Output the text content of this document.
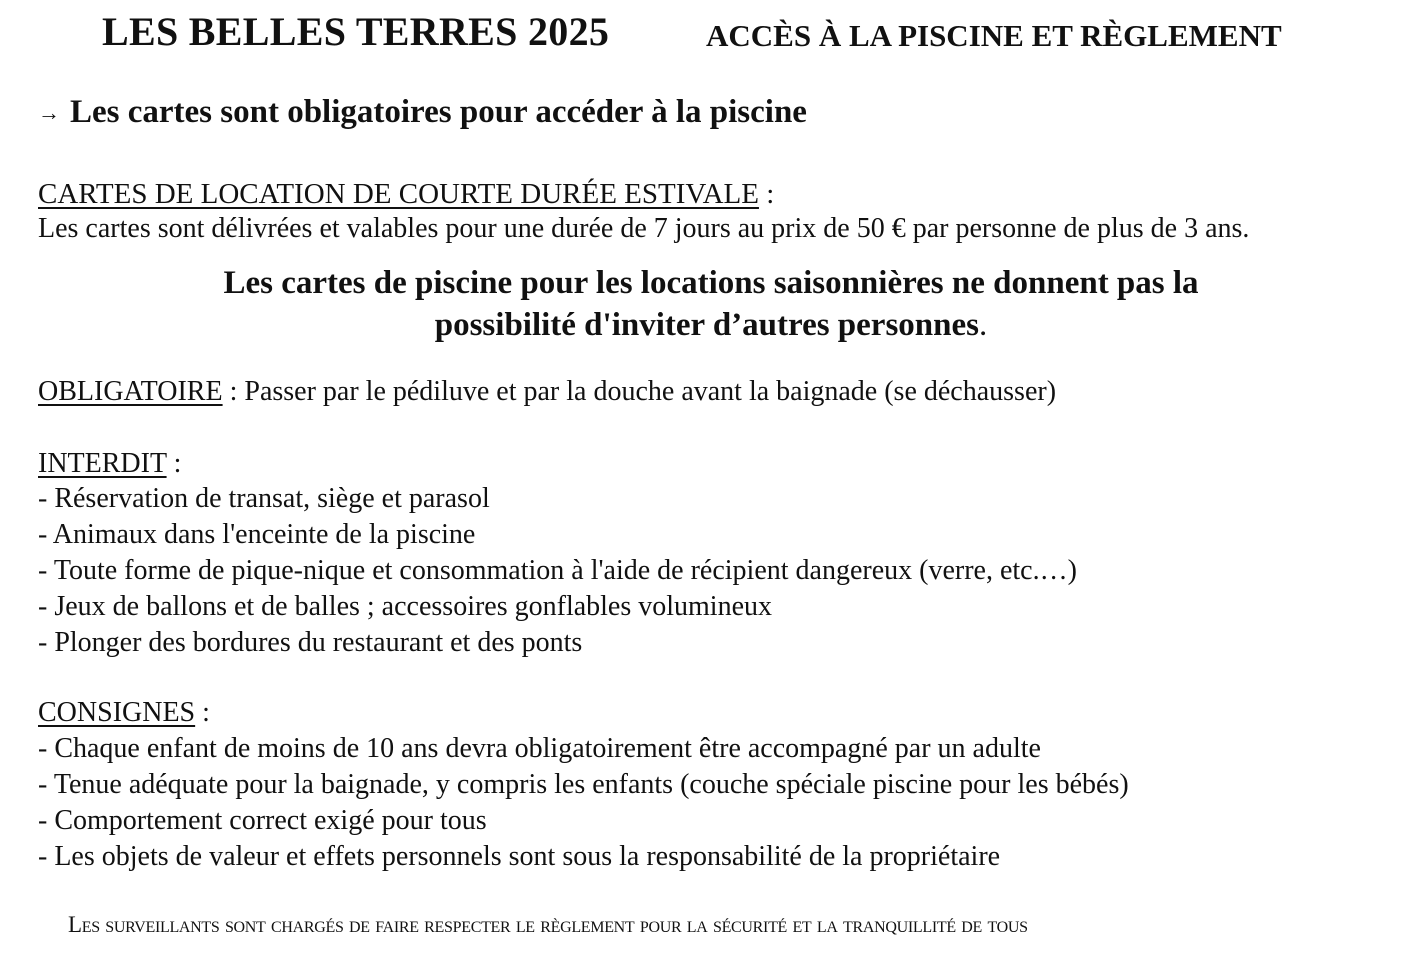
LES BELLES TERRES 2025	ACCÈS À LA PISCINE ET RÈGLEMENT
→ Les cartes sont obligatoires pour accéder à la piscine
CARTES DE LOCATION DE COURTE DURÉE ESTIVALE :
Les cartes sont délivrées et valables pour une durée de 7 jours au prix de 50 € par personne de plus de 3 ans.
Les cartes de piscine pour les locations saisonnières ne donnent pas la
possibilité d'inviter d’autres personnes.
OBLIGATOIRE : Passer par le pédiluve et par la douche avant la baignade (se déchausser)
INTERDIT :
- Réservation de transat, siège et parasol
- Animaux dans l'enceinte de la piscine
- Toute forme de pique-nique et consommation à l'aide de récipient dangereux (verre, etc.…)
- Jeux de ballons et de balles ; accessoires gonflables volumineux
- Plonger des bordures du restaurant et des ponts
CONSIGNES :
- Chaque enfant de moins de 10 ans devra obligatoirement être accompagné par un adulte
- Tenue adéquate pour la baignade, y compris les enfants (couche spéciale piscine pour les bébés)
- Comportement correct exigé pour tous
- Les objets de valeur et effets personnels sont sous la responsabilité de la propriétaire
Les surveillants sont chargés de faire respecter le règlement pour la sécurité et la tranquillité de tous
